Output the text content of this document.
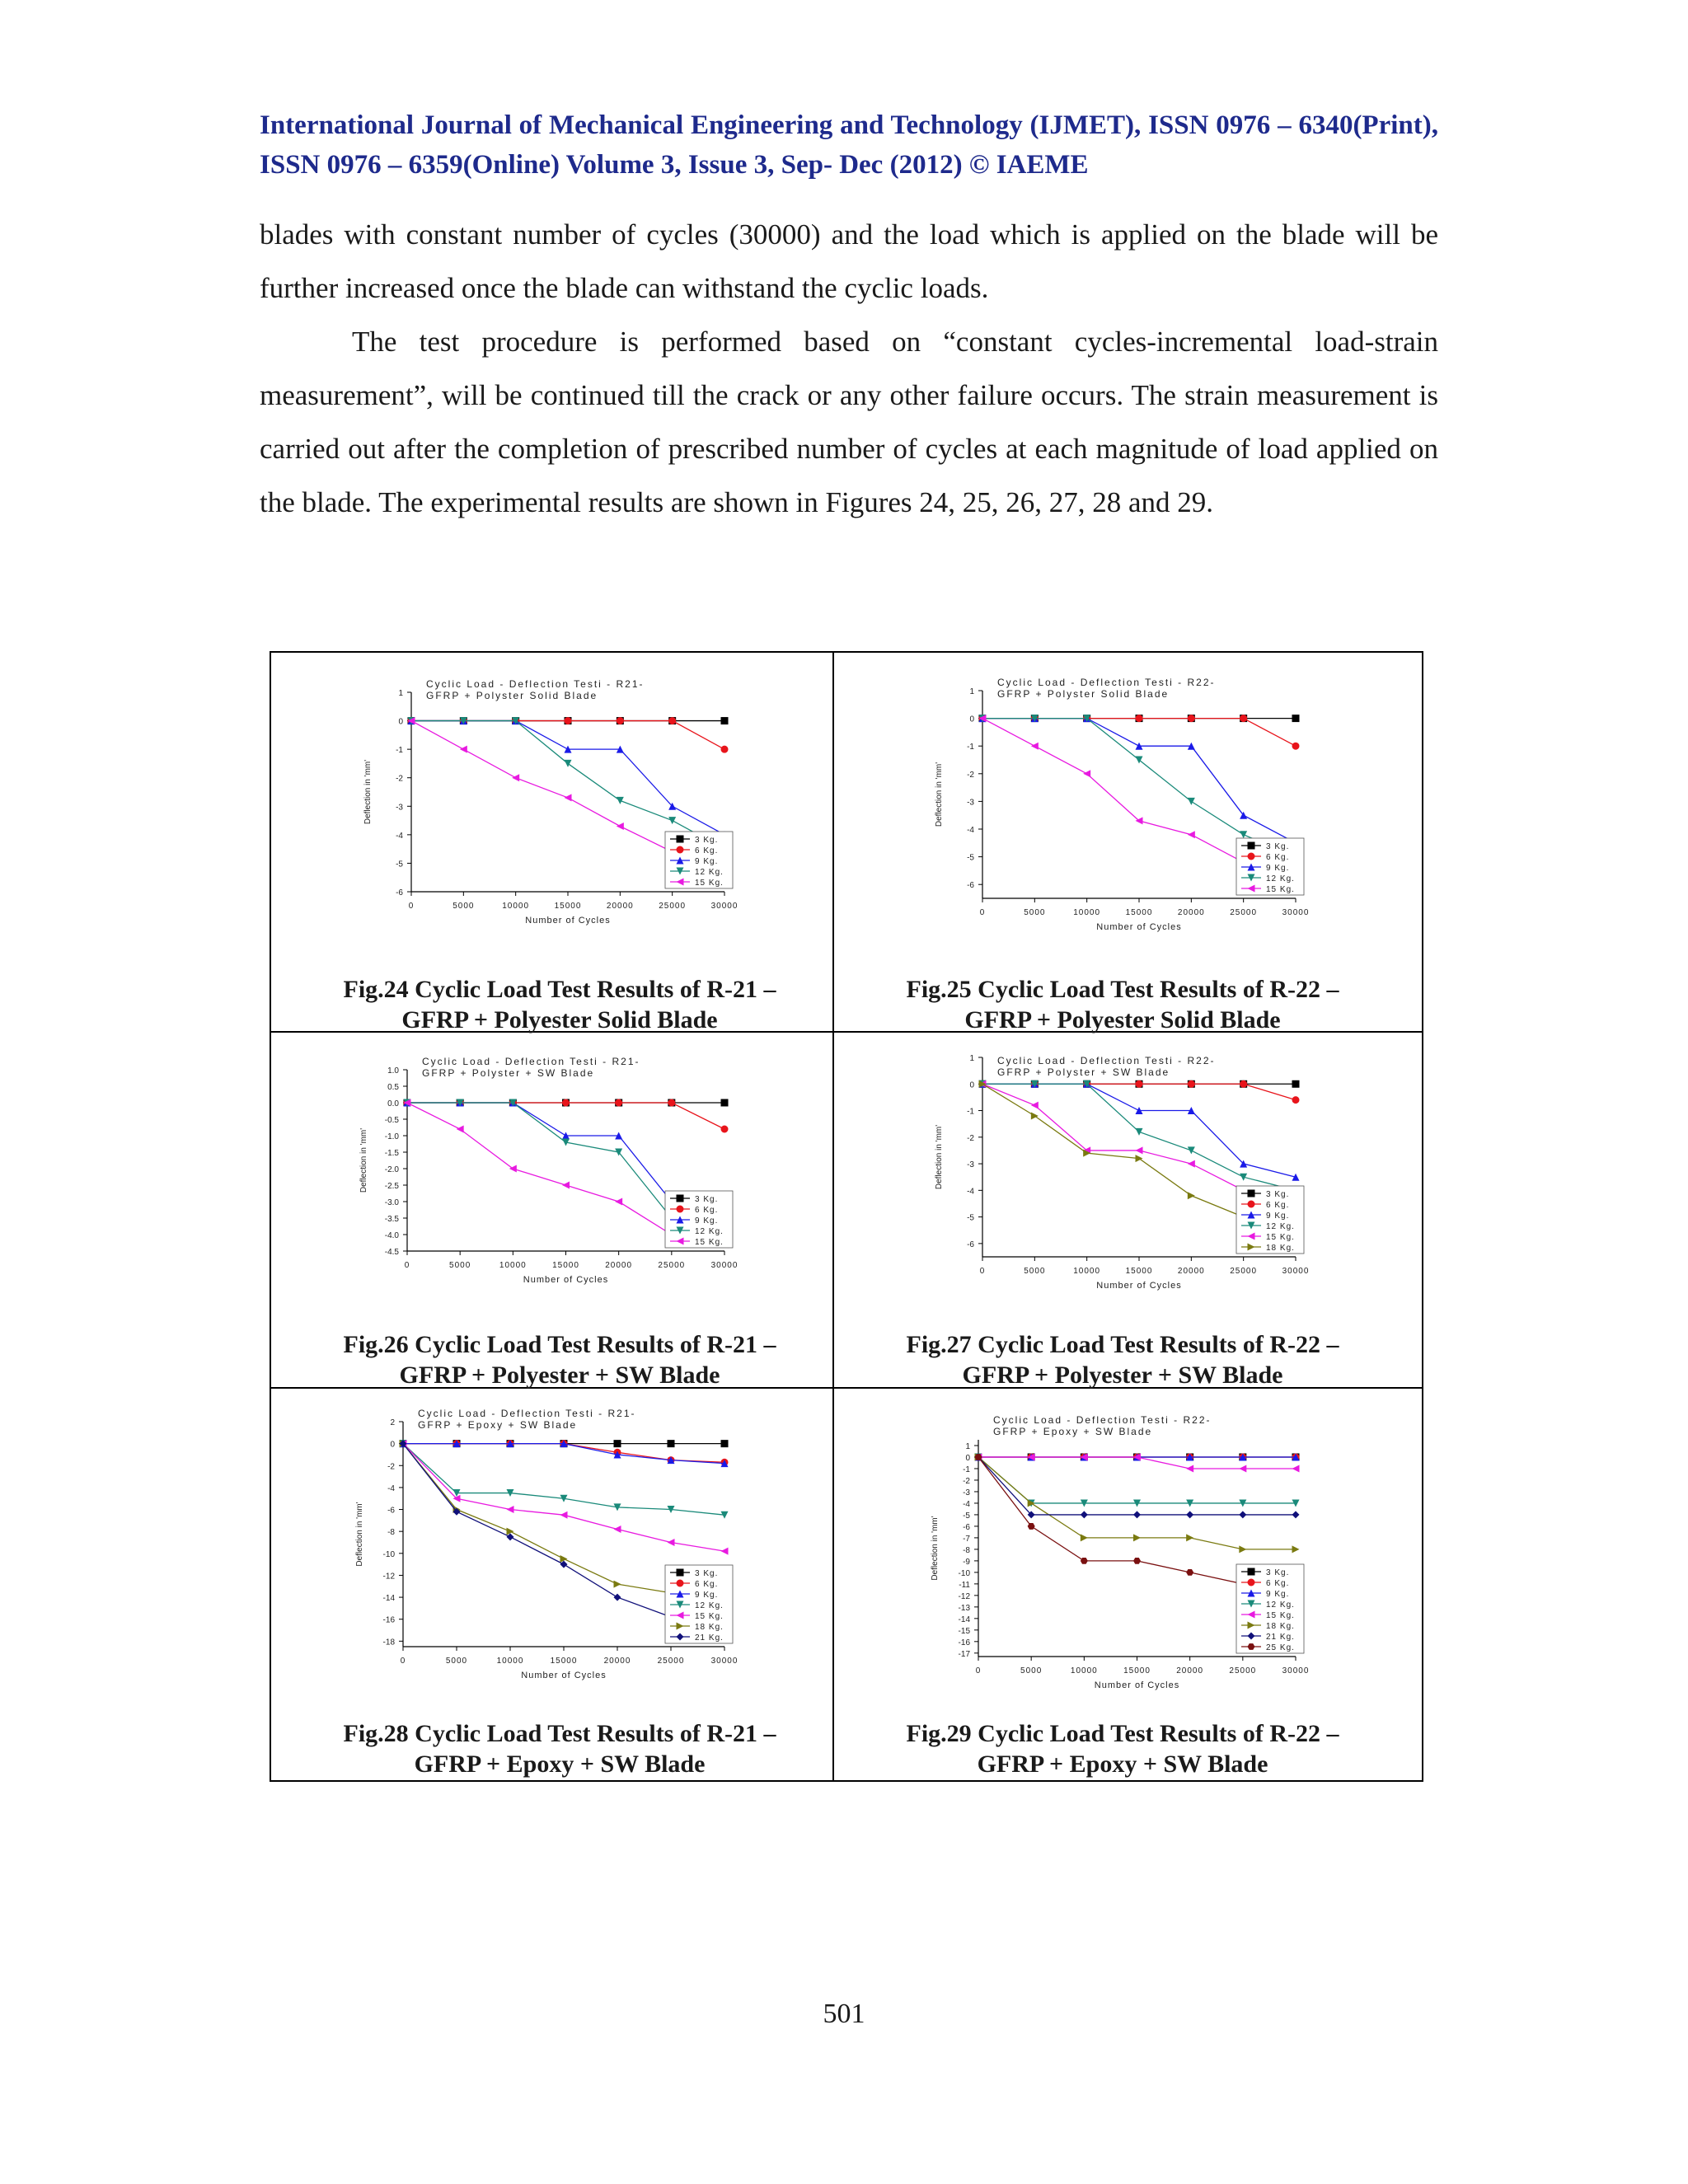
International Journal of Mechanical Engineering and Technology (IJMET), ISSN 0976 – 6340(Print), ISSN 0976 – 6359(Online) Volume 3, Issue 3, Sep- Dec (2012) © IAEME

blades with constant number of cycles (30000) and the load which is applied on the blade will be further increased once the blade can withstand the cyclic loads.

The test procedure is performed based on “constant cycles-incremental load-strain measurement”, will be continued till the crack or any other failure occurs. The strain measurement is carried out after the completion of prescribed number of cycles at each magnitude of load applied on the blade. The experimental results are shown in Figures 24, 25, 26, 27, 28 and 29.

1
0
-1
-2
-3
-4
-5
-6
0	5000	10000	15000	20000	25000	30000
Number of Cycles
Deflection in 'mm'
Cyclic Load - Deflection Testi - R21-
GFRP + Polyster Solid Blade
3 Kg.
6 Kg.
9 Kg.
12 Kg.
15 Kg.
Fig.24 Cyclic Load Test Results of R-21 –
GFRP + Polyester Solid Blade
1
0
-1
-2
-3
-4
-5
-6
0	5000	10000	15000	20000	25000	30000
Number of Cycles
Deflection in 'mm'
Cyclic Load - Deflection Testi - R22-
GFRP + Polyster Solid Blade
3 Kg.
6 Kg.
9 Kg.
12 Kg.
15 Kg.
Fig.25 Cyclic Load Test Results of R-22 –
GFRP + Polyester Solid Blade
1.0
0.5
0.0
-0.5
-1.0
-1.5
-2.0
-2.5
-3.0
-3.5
-4.0
-4.5
0	5000	10000	15000	20000	25000	30000
Number of Cycles
Deflection in 'mm'
Cyclic Load - Deflection Testi - R21-
GFRP + Polyster + SW Blade
3 Kg.
6 Kg.
9 Kg.
12 Kg.
15 Kg.
Fig.26 Cyclic Load Test Results of R-21 –
GFRP + Polyester + SW Blade
1
0
-1
-2
-3
-4
-5
-6
0	5000	10000	15000	20000	25000	30000
Number of Cycles
Deflection in 'mm'
Cyclic Load - Deflection Testi - R22-
GFRP + Polyster + SW Blade
3 Kg.
6 Kg.
9 Kg.
12 Kg.
15 Kg.
18 Kg.
Fig.27 Cyclic Load Test Results of R-22 –
GFRP + Polyester + SW Blade
2
0
-2
-4
-6
-8
-10
-12
-14
-16
-18
0	5000	10000	15000	20000	25000	30000
Number of Cycles
Deflection in 'mm'
Cyclic Load - Deflection Testi - R21-
GFRP + Epoxy + SW Blade
3 Kg.
6 Kg.
9 Kg.
12 Kg.
15 Kg.
18 Kg.
21 Kg.
Fig.28 Cyclic Load Test Results of R-21 –
GFRP + Epoxy + SW Blade
1
0
-1
-2
-3
-4
-5
-6
-7
-8
-9
-10
-11
-12
-13
-14
-15
-16
-17
0	5000	10000	15000	20000	25000	30000
Number of Cycles
Deflection in 'mm'
Cyclic Load - Deflection Testi - R22-
GFRP + Epoxy + SW Blade
3 Kg.
6 Kg.
9 Kg.
12 Kg.
15 Kg.
18 Kg.
21 Kg.
25 Kg.
Fig.29 Cyclic Load Test Results of R-22 –
GFRP + Epoxy + SW Blade
501
